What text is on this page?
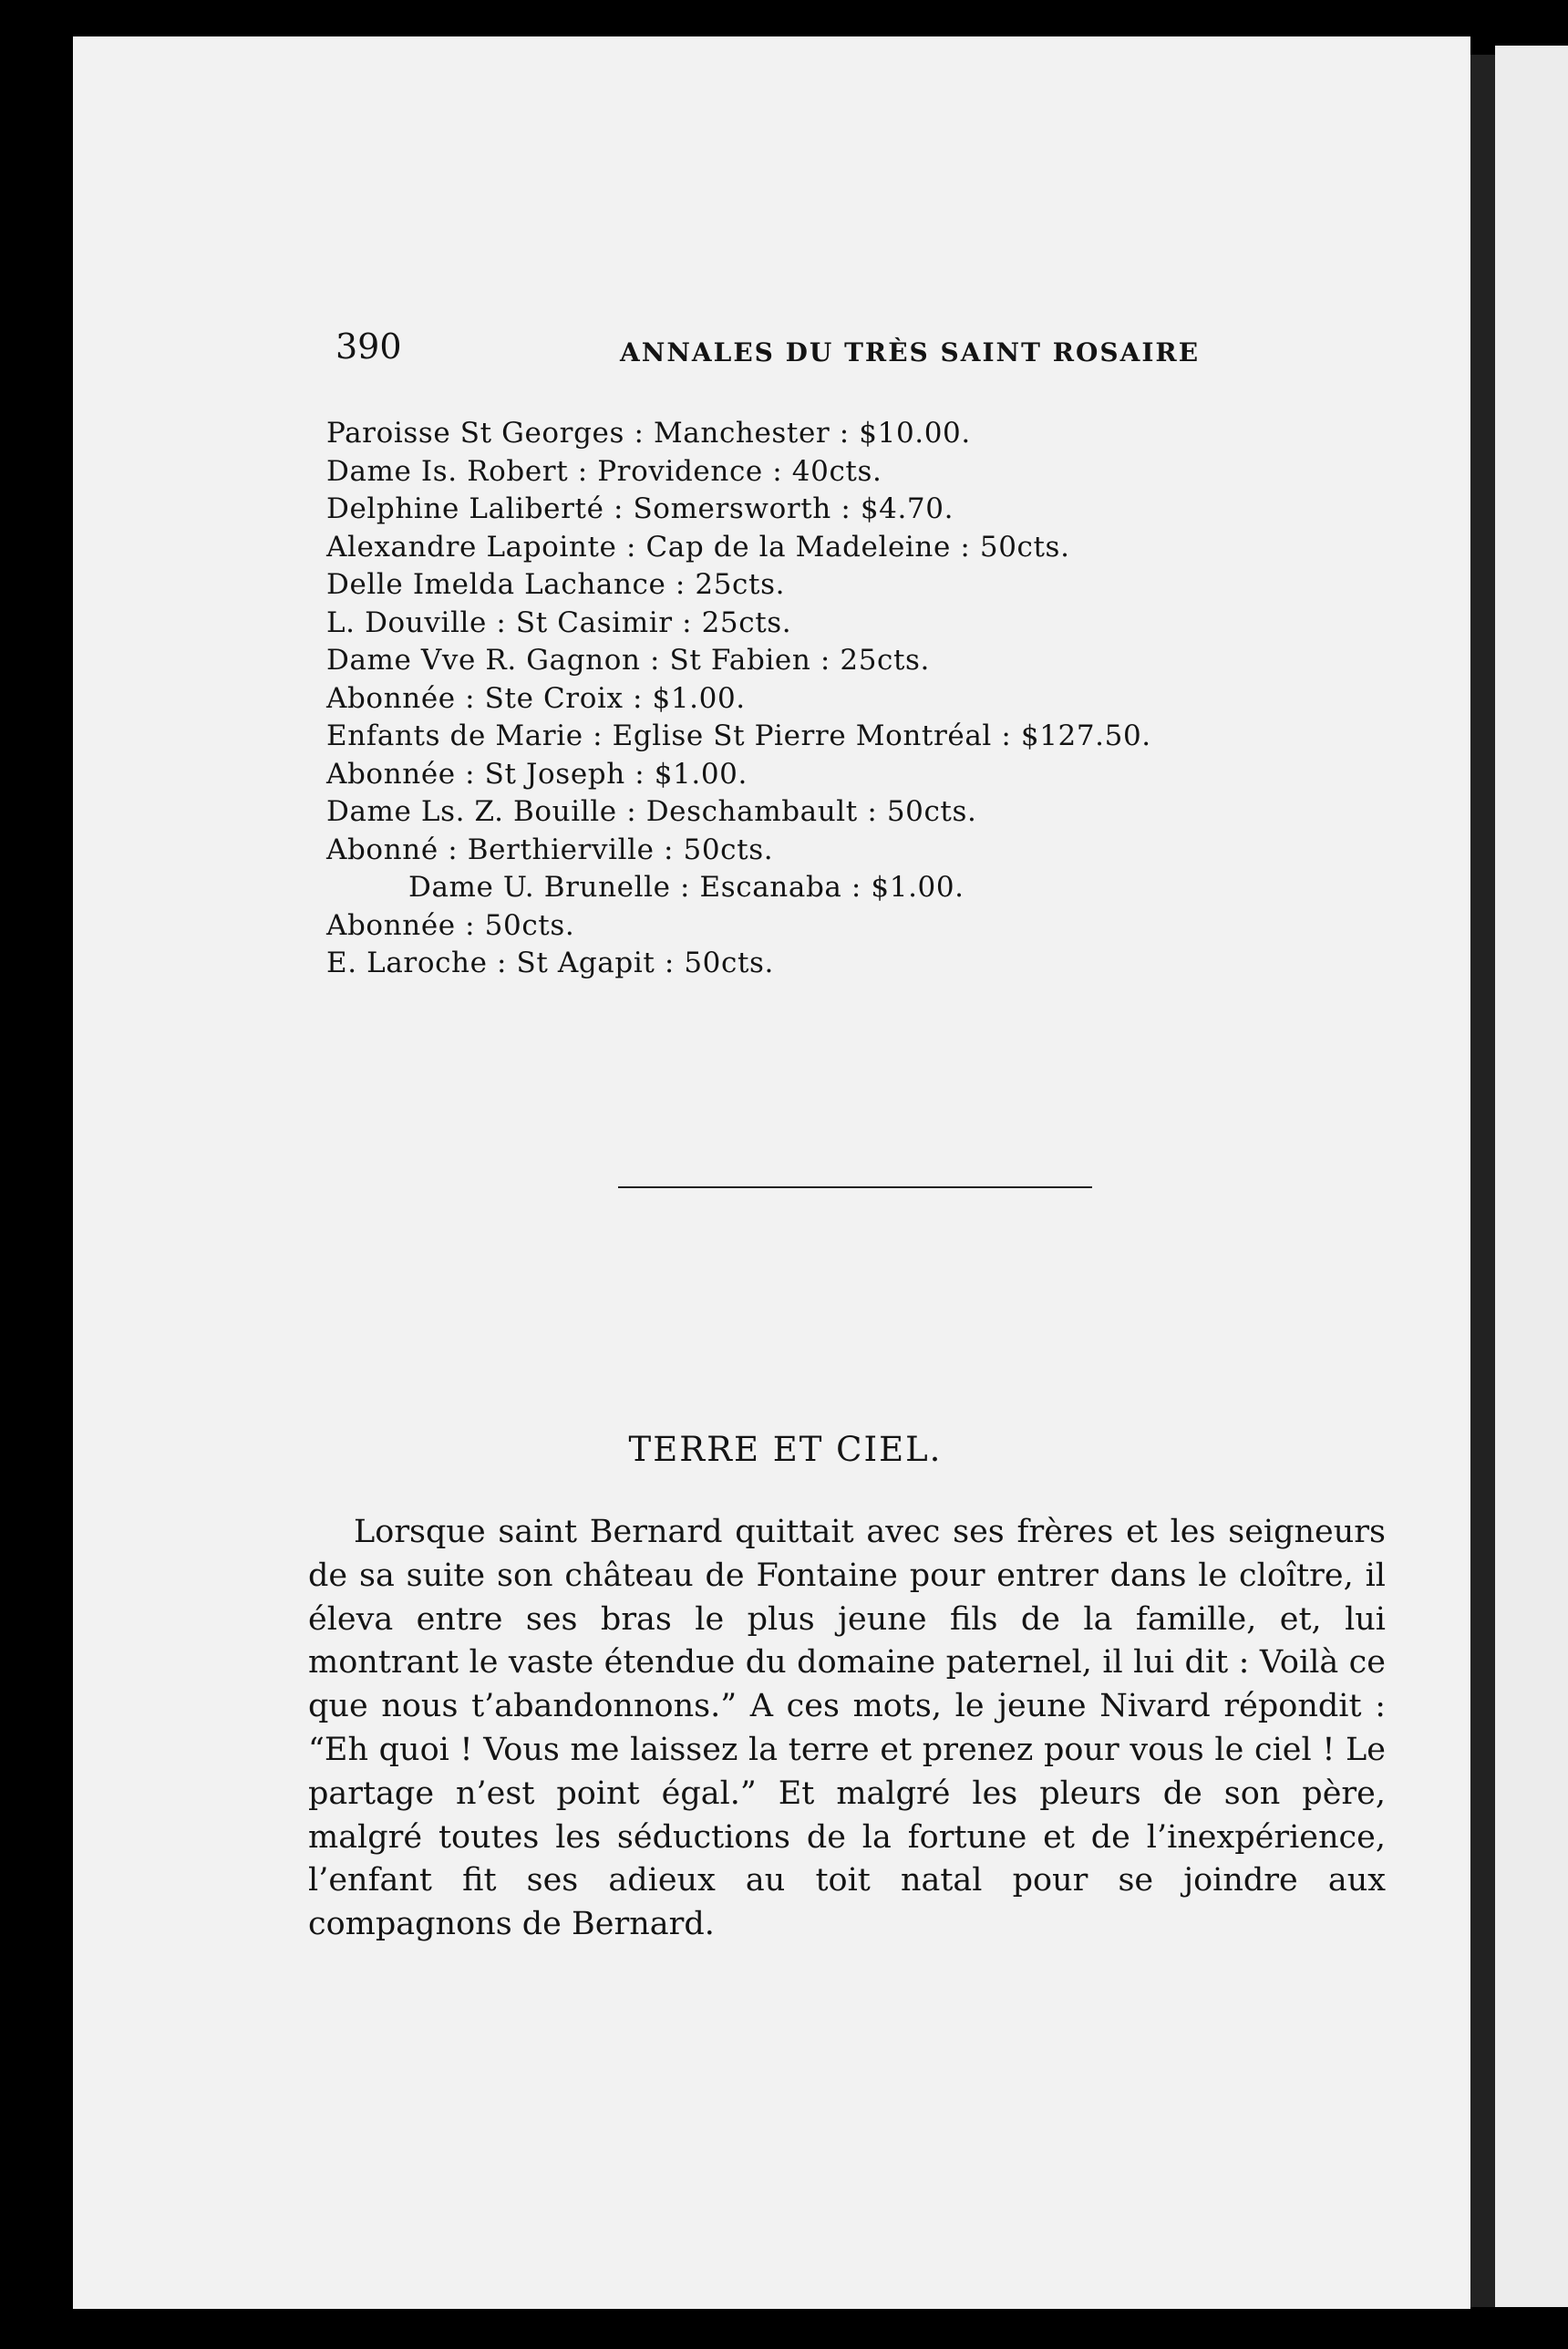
390	ANNALES DU TRÈS SAINT ROSAIRE
Paroisse St Georges : Manchester : $10.00.
Dame Is. Robert : Providence : 40cts.
Delphine Laliberté : Somersworth : $4.70.
Alexandre Lapointe : Cap de la Madeleine : 50cts.
Delle Imelda Lachance : 25cts.
L. Douville : St Casimir : 25cts.
Dame Vve R. Gagnon : St Fabien : 25cts.
Abonnée : Ste Croix : $1.00.
Enfants de Marie : Eglise St Pierre Montréal : $127.50.
Abonnée : St Joseph : $1.00.
Dame Ls. Z. Bouille : Deschambault : 50cts.
Abonné : Berthierville : 50cts.
Dame U. Brunelle : Escanaba : $1.00.
Abonnée : 50cts.
E. Laroche : St Agapit : 50cts.
TERRE ET CIEL.

Lorsque saint Bernard quittait avec ses frères et les seigneurs de sa suite son château de Fontaine pour entrer dans le cloître, il éleva entre ses bras le plus jeune fils de la famille, et, lui montrant le vaste étendue du domaine paternel, il lui dit : Voilà ce que nous t’abandonnons.” A ces mots, le jeune Nivard répondit : “Eh quoi ! Vous me laissez la terre et prenez pour vous le ciel ! Le partage n’est point égal.” Et malgré les pleurs de son père, malgré toutes les séductions de la fortune et de l’inexpérience, l’enfant fit ses adieux au toit natal pour se joindre aux compagnons de Bernard.
